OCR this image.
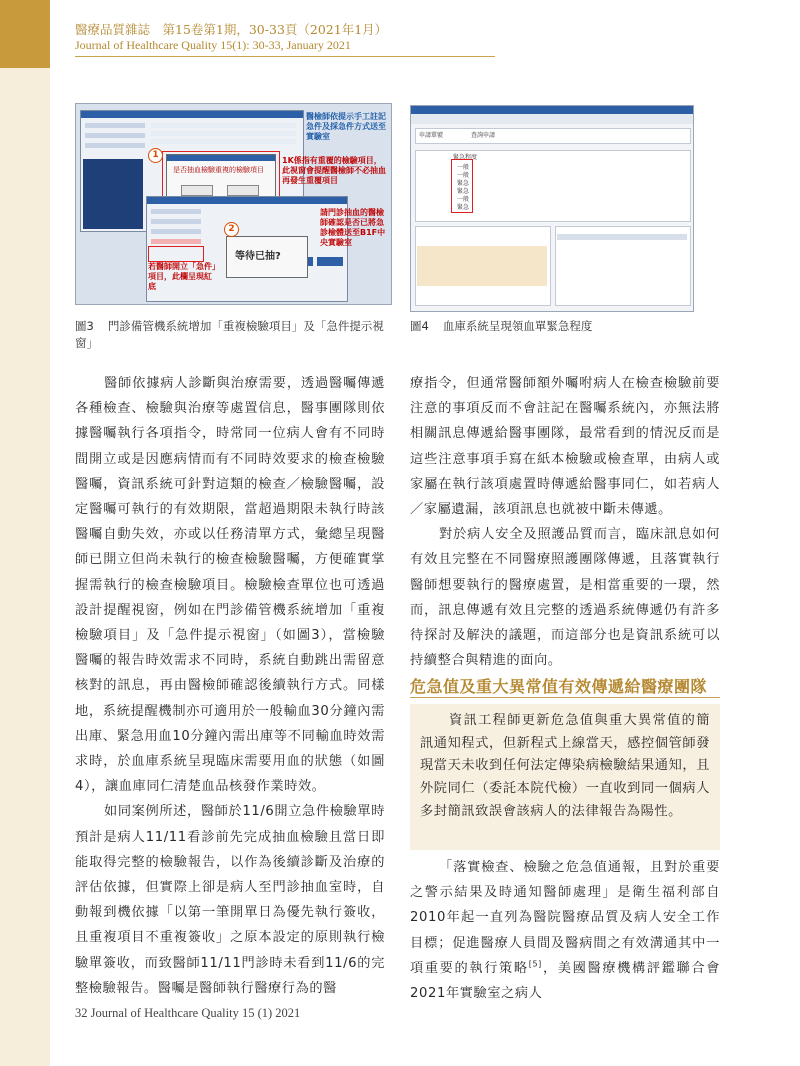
醫療品質雜誌　第15卷第1期，30-33頁（2021年1月）
Journal of Healthcare Quality 15(1): 30-33, January 2021
是否抽血檢驗重複的檢驗項目
1
等待已抽?
2
醫檢師依提示手工註記急件及採急件方式送至實驗室
1K係指有重覆的檢驗項目，此視窗會提醒醫檢師不必抽血再發生重覆項目
請門診抽血的醫檢師確認是否已將急診檢體送至B1F中央實驗室
若醫師開立「急件」項目，此欄呈現紅底
圖3 門診備管機系統增加「重複檢驗項目」及「急件提示視窗」
申請單號	查詢申請
緊急程度
一般
一般
緊急
緊急
一般
緊急
圖4 血庫系統呈現領血單緊急程度

醫師依據病人診斷與治療需要，透過醫囑傳遞各種檢查、檢驗與治療等處置信息，醫事團隊則依據醫囑執行各項指令，時常同一位病人會有不同時間開立或是因應病情而有不同時效要求的檢查檢驗醫囑，資訊系統可針對這類的檢查／檢驗醫囑，設定醫囑可執行的有效期限，當超過期限未執行時該醫囑自動失效，亦或以任務清單方式，彙總呈現醫師已開立但尚未執行的檢查檢驗醫囑，方便確實掌握需執行的檢查檢驗項目。檢驗檢查單位也可透過設計提醒視窗，例如在門診備管機系統增加「重複檢驗項目」及「急件提示視窗」（如圖3），當檢驗醫囑的報告時效需求不同時，系統自動跳出需留意核對的訊息，再由醫檢師確認後續執行方式。同樣地，系統提醒機制亦可適用於一般輸血30分鐘內需出庫、緊急用血10分鐘內需出庫等不同輸血時效需求時，於血庫系統呈現臨床需要用血的狀態（如圖4），讓血庫同仁清楚血品核發作業時效。

如同案例所述，醫師於11/6開立急件檢驗單時預計是病人11/11看診前先完成抽血檢驗且當日即能取得完整的檢驗報告，以作為後續診斷及治療的評估依據，但實際上卻是病人至門診抽血室時，自動報到機依據「以第一筆開單日為優先執行簽收，且重複項目不重複簽收」之原本設定的原則執行檢驗單簽收，而致醫師11/11門診時未看到11/6的完整檢驗報告。醫囑是醫師執行醫療行為的醫

療指令，但通常醫師額外囑咐病人在檢查檢驗前要注意的事項反而不會註記在醫囑系統內，亦無法將相關訊息傳遞給醫事團隊，最常看到的情況反而是這些注意事項手寫在紙本檢驗或檢查單，由病人或家屬在執行該項處置時傳遞給醫事同仁，如若病人／家屬遺漏，該項訊息也就被中斷未傳遞。

對於病人安全及照護品質而言，臨床訊息如何有效且完整在不同醫療照護團隊傳遞，且落實執行醫師想要執行的醫療處置，是相當重要的一環，然而，訊息傳遞有效且完整的透過系統傳遞仍有許多待探討及解決的議題，而這部分也是資訊系統可以持續整合與精進的面向。

危急值及重大異常值有效傳遞給醫療團隊

資訊工程師更新危急值與重大異常值的簡訊通知程式，但新程式上線當天，感控個管師發現當天未收到任何法定傳染病檢驗結果通知，且外院同仁（委託本院代檢）一直收到同一個病人多封簡訊致誤會該病人的法律報告為陽性。

「落實檢查、檢驗之危急值通報，且對於重要之警示結果及時通知醫師處理」是衛生福利部自2010年起一直列為醫院醫療品質及病人安全工作目標；促進醫療人員間及醫病間之有效溝通其中一項重要的執行策略[5]，美國醫療機構評鑑聯合會2021年實驗室之病人

32 Journal of Healthcare Quality 15 (1) 2021
